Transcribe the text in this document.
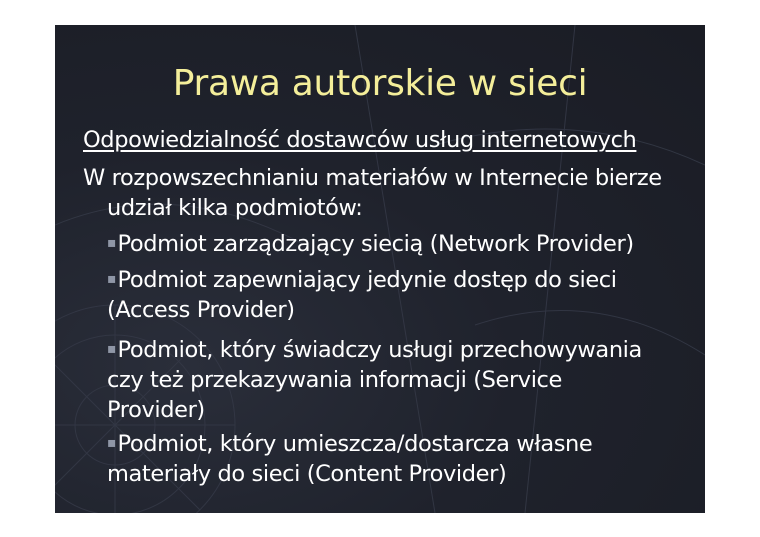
Prawa autorskie w sieci
Odpowiedzialność dostawców usług internetowych
W rozpowszechnianiu materiałów w Internecie bierze
udział kilka podmiotów:
▪Podmiot zarządzający siecią (Network Provider)
▪Podmiot zapewniający jedynie dostęp do sieci
(Access Provider)
▪Podmiot, który świadczy usługi przechowywania
czy też przekazywania informacji (Service
Provider)
▪Podmiot, który umieszcza/dostarcza własne
materiały do sieci (Content Provider)
